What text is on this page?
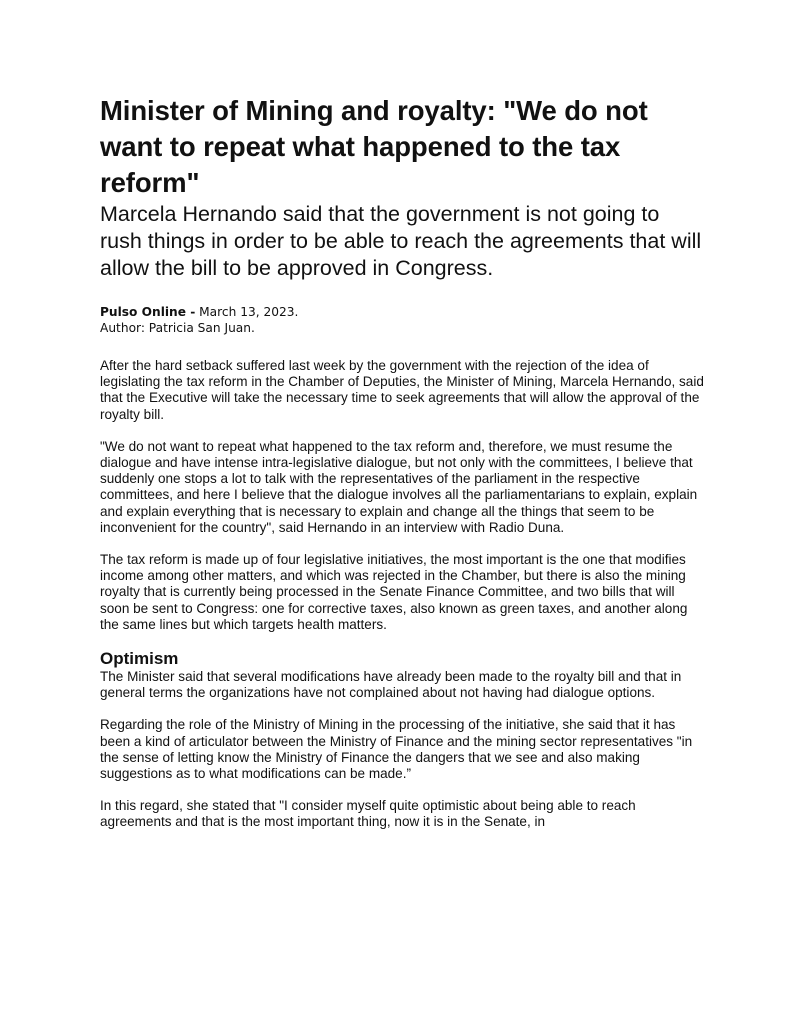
Minister of Mining and royalty: "We do not want to repeat what happened to the tax reform"
Marcela Hernando said that the government is not going to rush things in order to be able to reach the agreements that will allow the bill to be approved in Congress.

Pulso Online - March 13, 2023.

Author: Patricia San Juan.

After the hard setback suffered last week by the government with the rejection of the idea of legislating the tax reform in the Chamber of Deputies, the Minister of Mining, Marcela Hernando, said that the Executive will take the necessary time to seek agreements that will allow the approval of the royalty bill.

"We do not want to repeat what happened to the tax reform and, therefore, we must resume the dialogue and have intense intra-legislative dialogue, but not only with the committees, I believe that suddenly one stops a lot to talk with the representatives of the parliament in the respective committees, and here I believe that the dialogue involves all the parliamentarians to explain, explain and explain everything that is necessary to explain and change all the things that seem to be inconvenient for the country", said Hernando in an interview with Radio Duna.

The tax reform is made up of four legislative initiatives, the most important is the one that modifies income among other matters, and which was rejected in the Chamber, but there is also the mining royalty that is currently being processed in the Senate Finance Committee, and two bills that will soon be sent to Congress: one for corrective taxes, also known as green taxes, and another along the same lines but which targets health matters.

Optimism

The Minister said that several modifications have already been made to the royalty bill and that in general terms the organizations have not complained about not having had dialogue options.

Regarding the role of the Ministry of Mining in the processing of the initiative, she said that it has been a kind of articulator between the Ministry of Finance and the mining sector representatives "in the sense of letting know the Ministry of Finance the dangers that we see and also making suggestions as to what modifications can be made.”

In this regard, she stated that "I consider myself quite optimistic about being able to reach agreements and that is the most important thing, now it is in the Senate, in
